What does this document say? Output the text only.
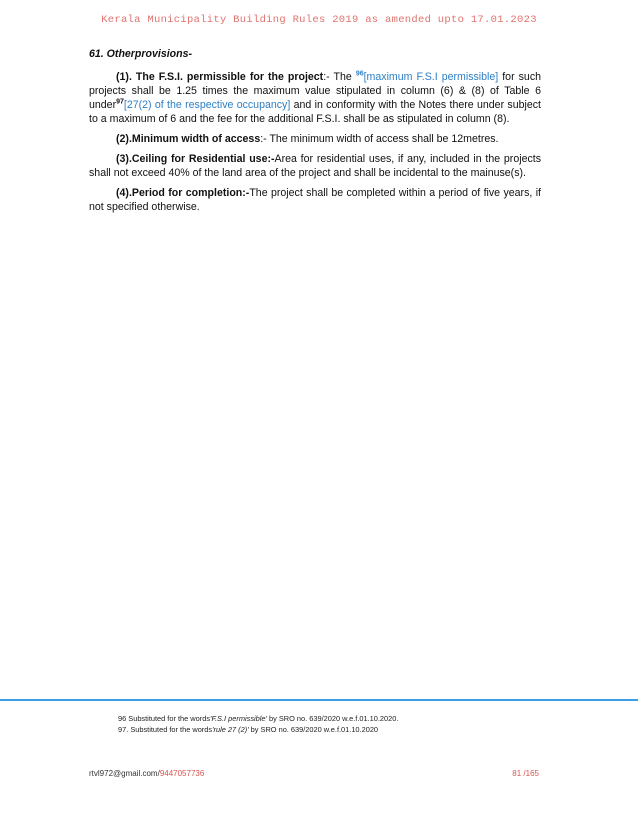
Kerala Municipality Building Rules 2019 as amended upto 17.01.2023
61. Otherprovisions-

(1). The F.S.I. permissible for the project:- The $^{96}$[maximum F.S.I permissible] for such projects shall be 1.25 times the maximum value stipulated in column (6) & (8) of Table 6 under$^{97}$[27(2) of the respective occupancy] and in conformity with the Notes there under subject to a maximum of 6 and the fee for the additional F.S.I. shall be as stipulated in column (8).

(2).Minimum width of access:- The minimum width of access shall be 12metres.

(3).Ceiling for Residential use:-Area for residential uses, if any, included in the projects shall not exceed 40% of the land area of the project and shall be incidental to the mainuse(s).

(4).Period for completion:-The project shall be completed within a period of five years, if not specified otherwise.

96 Substituted for the words'F.S.I permissible' by SRO no. 639/2020 w.e.f.01.10.2020.
97. Substituted for the words'rule 27 (2)' by SRO no. 639/2020 w.e.f.01.10.2020
rtvl972@gmail.com/9447057736	81 /165
